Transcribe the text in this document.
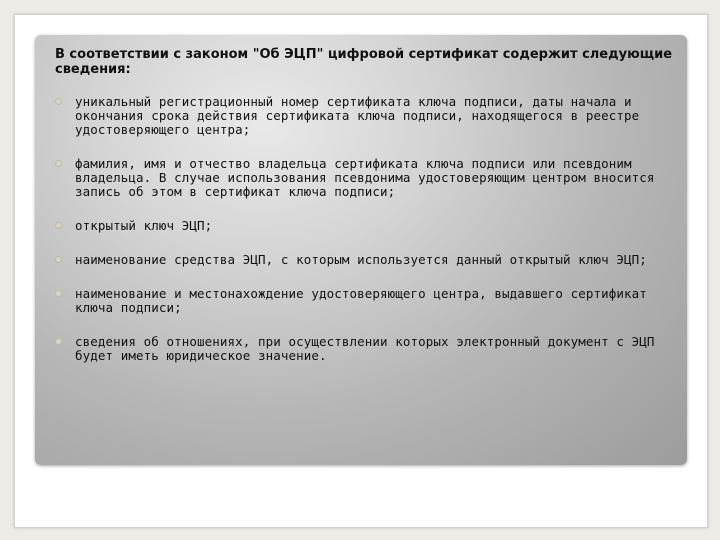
В соответствии с законом "Об ЭЦП" цифровой сертификат содержит следующие сведения:
уникальный регистрационный номер сертификата ключа подписи, даты начала и окончания срока действия сертификата ключа подписи, находящегося в реестре удостоверяющего центра;
фамилия, имя и отчество владельца сертификата ключа подписи или псевдоним владельца. В случае использования псевдонима удостоверяющим центром вносится запись об этом в сертификат ключа подписи;
открытый ключ ЭЦП;
наименование средства ЭЦП, с которым используется данный открытый ключ ЭЦП;
наименование и местонахождение удостоверяющего центра, выдавшего сертификат ключа подписи;
сведения об отношениях, при осуществлении которых электронный документ с ЭЦП будет иметь юридическое значение.
